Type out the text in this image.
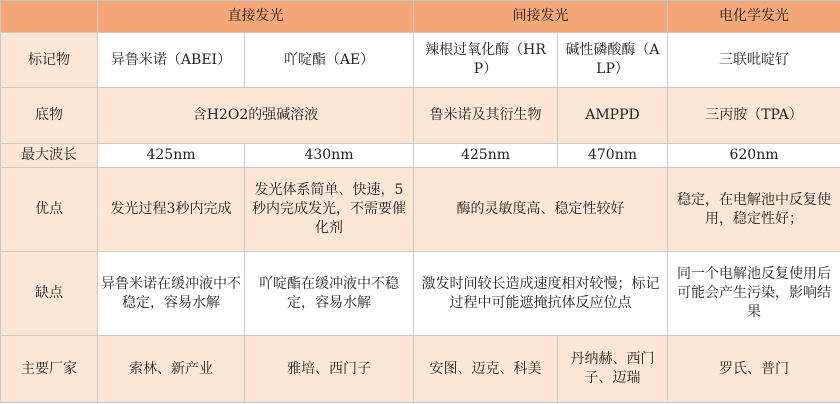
	直接发光		间接发光		电化学发光
标记物	异鲁米诺（ABEI）	吖啶酯（AE）	辣根过氧化酶（HRP）	碱性磷酸酶（ALP）	三联吡啶钌
底物	含H2O2的强碱溶液		鲁米诺及其衍生物	AMPPD	三丙胺（TPA）
最大波长	425nm	430nm	425nm	470nm	620nm
优点	发光过程3秒内完成	发光体系简单、快速，5秒内完成发光，不需要催化剂	酶的灵敏度高、稳定性较好		稳定，在电解池中反复使用，稳定性好；
缺点	异鲁米诺在缓冲液中不稳定，容易水解	吖啶酯在缓冲液中不稳定，容易水解	激发时间较长造成速度相对较慢；标记过程中可能遮掩抗体反应位点		同一个电解池反复使用后可能会产生污染，影响结果
主要厂家	索林、新产业	雅培、西门子	安图、迈克、科美	丹纳赫、西门子、迈瑞	罗氏、普门
